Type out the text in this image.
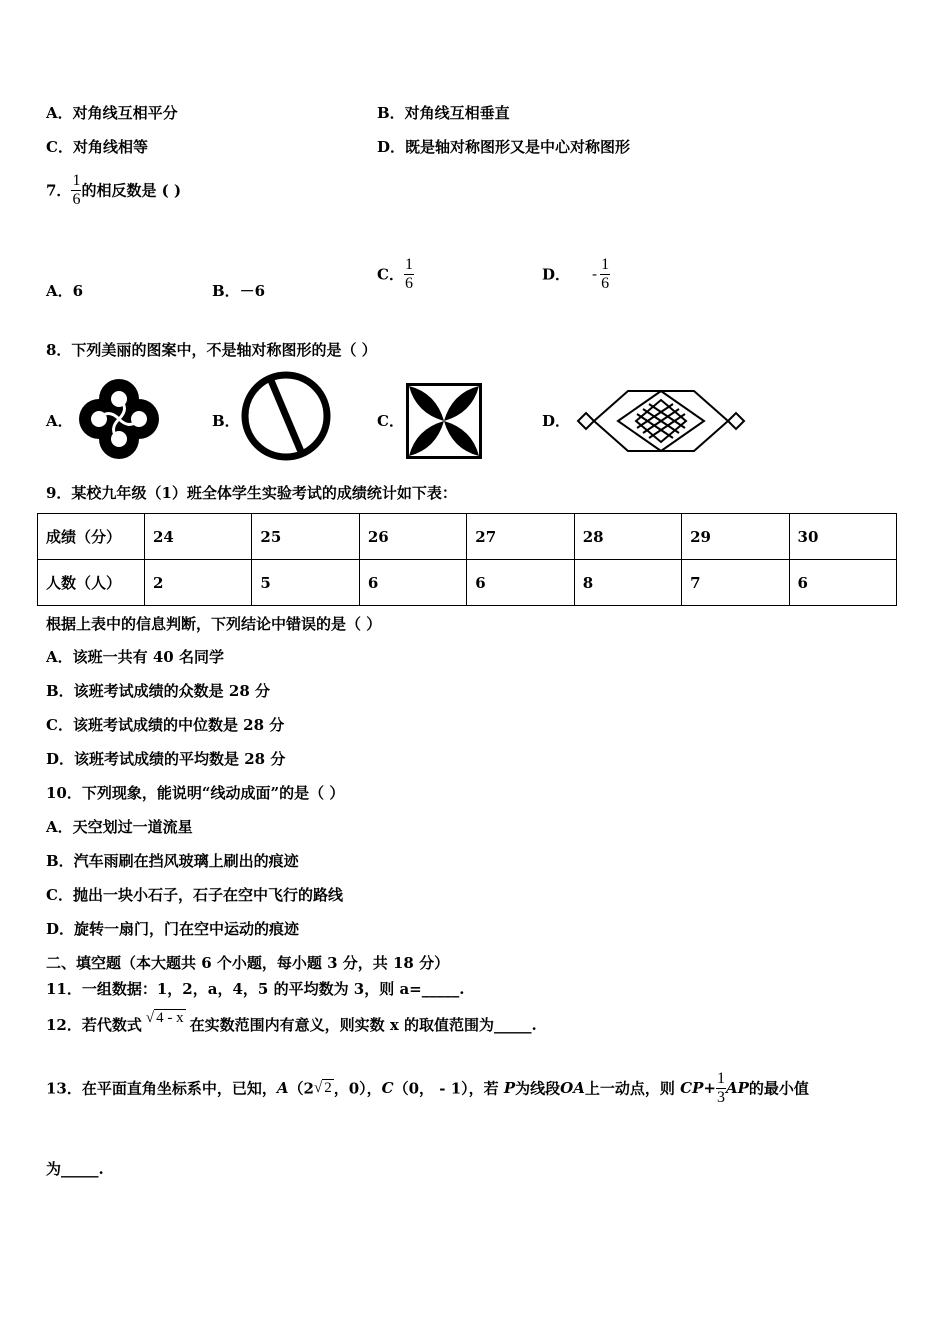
A．对角线互相平分	B．对角线互相垂直
C．对角线相等	D．既是轴对称图形又是中心对称图形
7． $\frac{1}{6}$ 的相反数是 ( )
A．6	B．－6
C． $\frac{1}{6}$	D． - $\frac{1}{6}$
8．下列美丽的图案中，不是轴对称图形的是（ ）
A．	B．	C．	D．
9．某校九年级（1）班全体学生实验考试的成绩统计如下表：
成绩（分）	24	25	26	27	28	29	30
人数（人）	2	5	6	6	8	7	6
根据上表中的信息判断，下列结论中错误的是（ ）
A．该班一共有 40 名同学
B．该班考试成绩的众数是 28 分
C．该班考试成绩的中位数是 28 分
D．该班考试成绩的平均数是 28 分
10．下列现象，能说明“线动成面”的是（ ）
A．天空划过一道流星
B．汽车雨刷在挡风玻璃上刷出的痕迹
C．抛出一块小石子，石子在空中飞行的路线
D．旋转一扇门，门在空中运动的痕迹
二、填空题（本大题共 6 个小题，每小题 3 分，共 18 分）
11．一组数据：1，2，a，4，5 的平均数为 3，则 a=_____.
12．若代数式 √ 4 - x 在实数范围内有意义，则实数 x 的取值范围为_____.
13．在平面直角坐标系中，已知，A（2√ 2 ，0），C（0， - 1），若 P为线段OA上一动点，则 $CP+ \frac{1}{3}$ AP的最小值
为_____.
